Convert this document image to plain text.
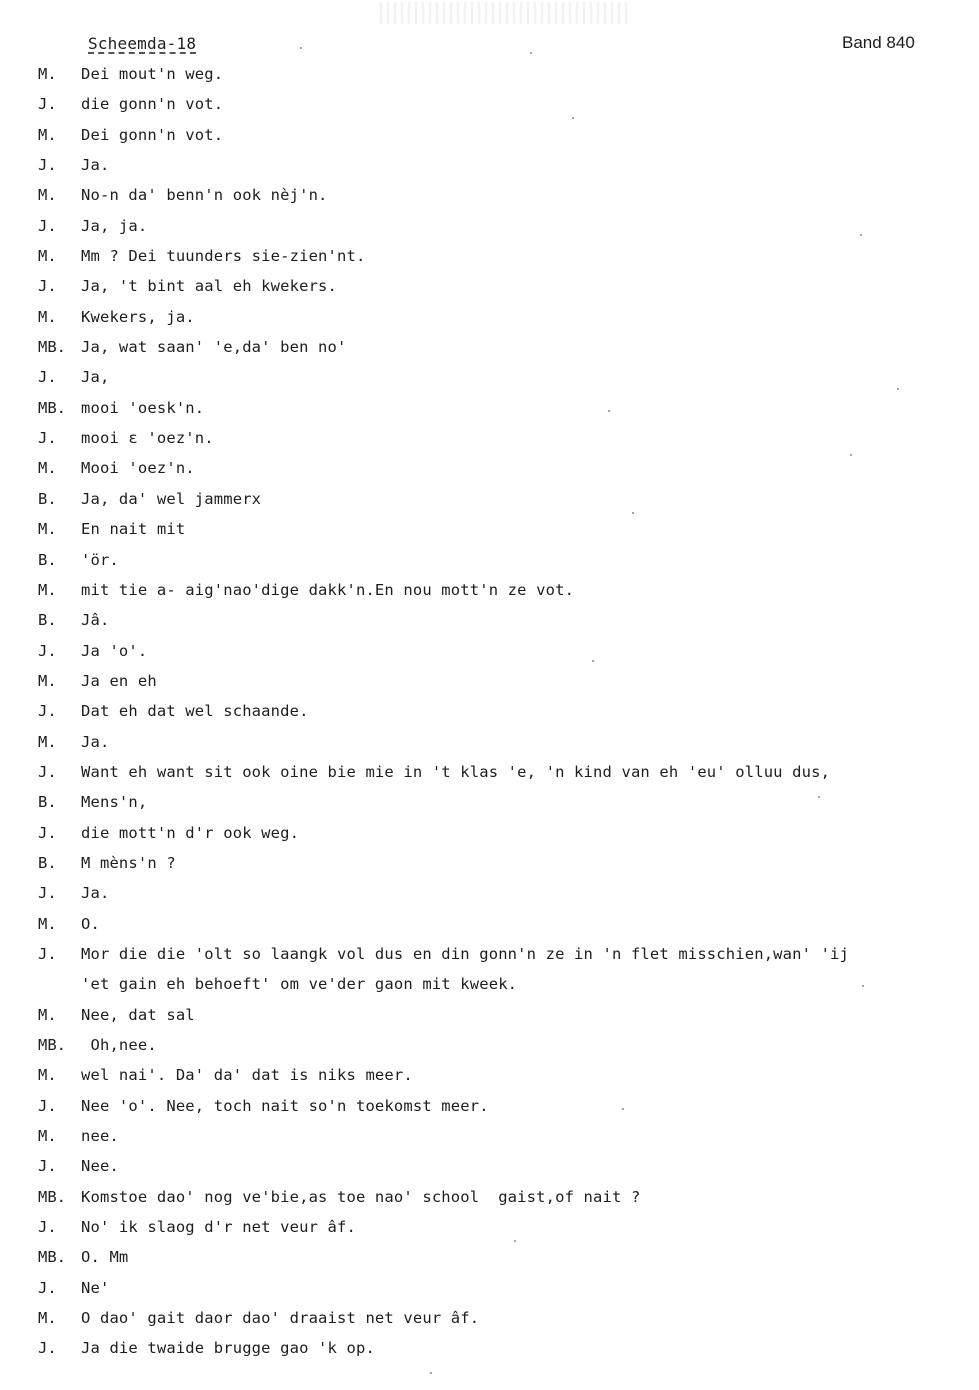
Scheemda-18	Band 840
M. Dei mout'n weg.
J. die gonn'n vot.
M. Dei gonn'n vot.
J. Ja.
M. No-n da' benn'n ook nèj'n.
J. Ja, ja.
M. Mm ? Dei tuunders sie-zien'nt.
J. Ja, 't bint aal eh kwekers.
M. Kwekers, ja.
MB. Ja, wat saan' 'e,da' ben no'
J. Ja,
MB. mooi 'oesk'n.
J. mooi ɛ 'oez'n.
M. Mooi 'oez'n.
B. Ja, da' wel jammerx
M. En nait mit
B. 'ör.
M. mit tie a- aig'nao'dige dakk'n.En nou mott'n ze vot.
B. Jâ.
J. Ja 'o'.
M. Ja en eh
J. Dat eh dat wel schaande.
M. Ja.
J. Want eh want sit ook oine bie mie in 't klas 'e, 'n kind van eh 'eu' olluu dus,
B. Mens'n,
J. die mott'n d'r ook weg.
B. M mèns'n ?
J. Ja.
M. O.
J. Mor die die 'olt so laangk vol dus en din gonn'n ze in 'n flet misschien,wan' 'ij
'et gain eh behoeft' om ve'der gaon mit kweek.
M. Nee, dat sal
MB. Oh,nee.
M. wel nai'. Da' da' dat is niks meer.
J. Nee 'o'. Nee, toch nait so'n toekomst meer.
M. nee.
J. Nee.
MB. Komstoe dao' nog ve'bie,as toe nao' school  gaist,of nait ?
J. No' ik slaog d'r net veur âf.
MB. O. Mm
J. Ne'
M. O dao' gait daor dao' draaist net veur âf.
J. Ja die twaide brugge gao 'k op.
